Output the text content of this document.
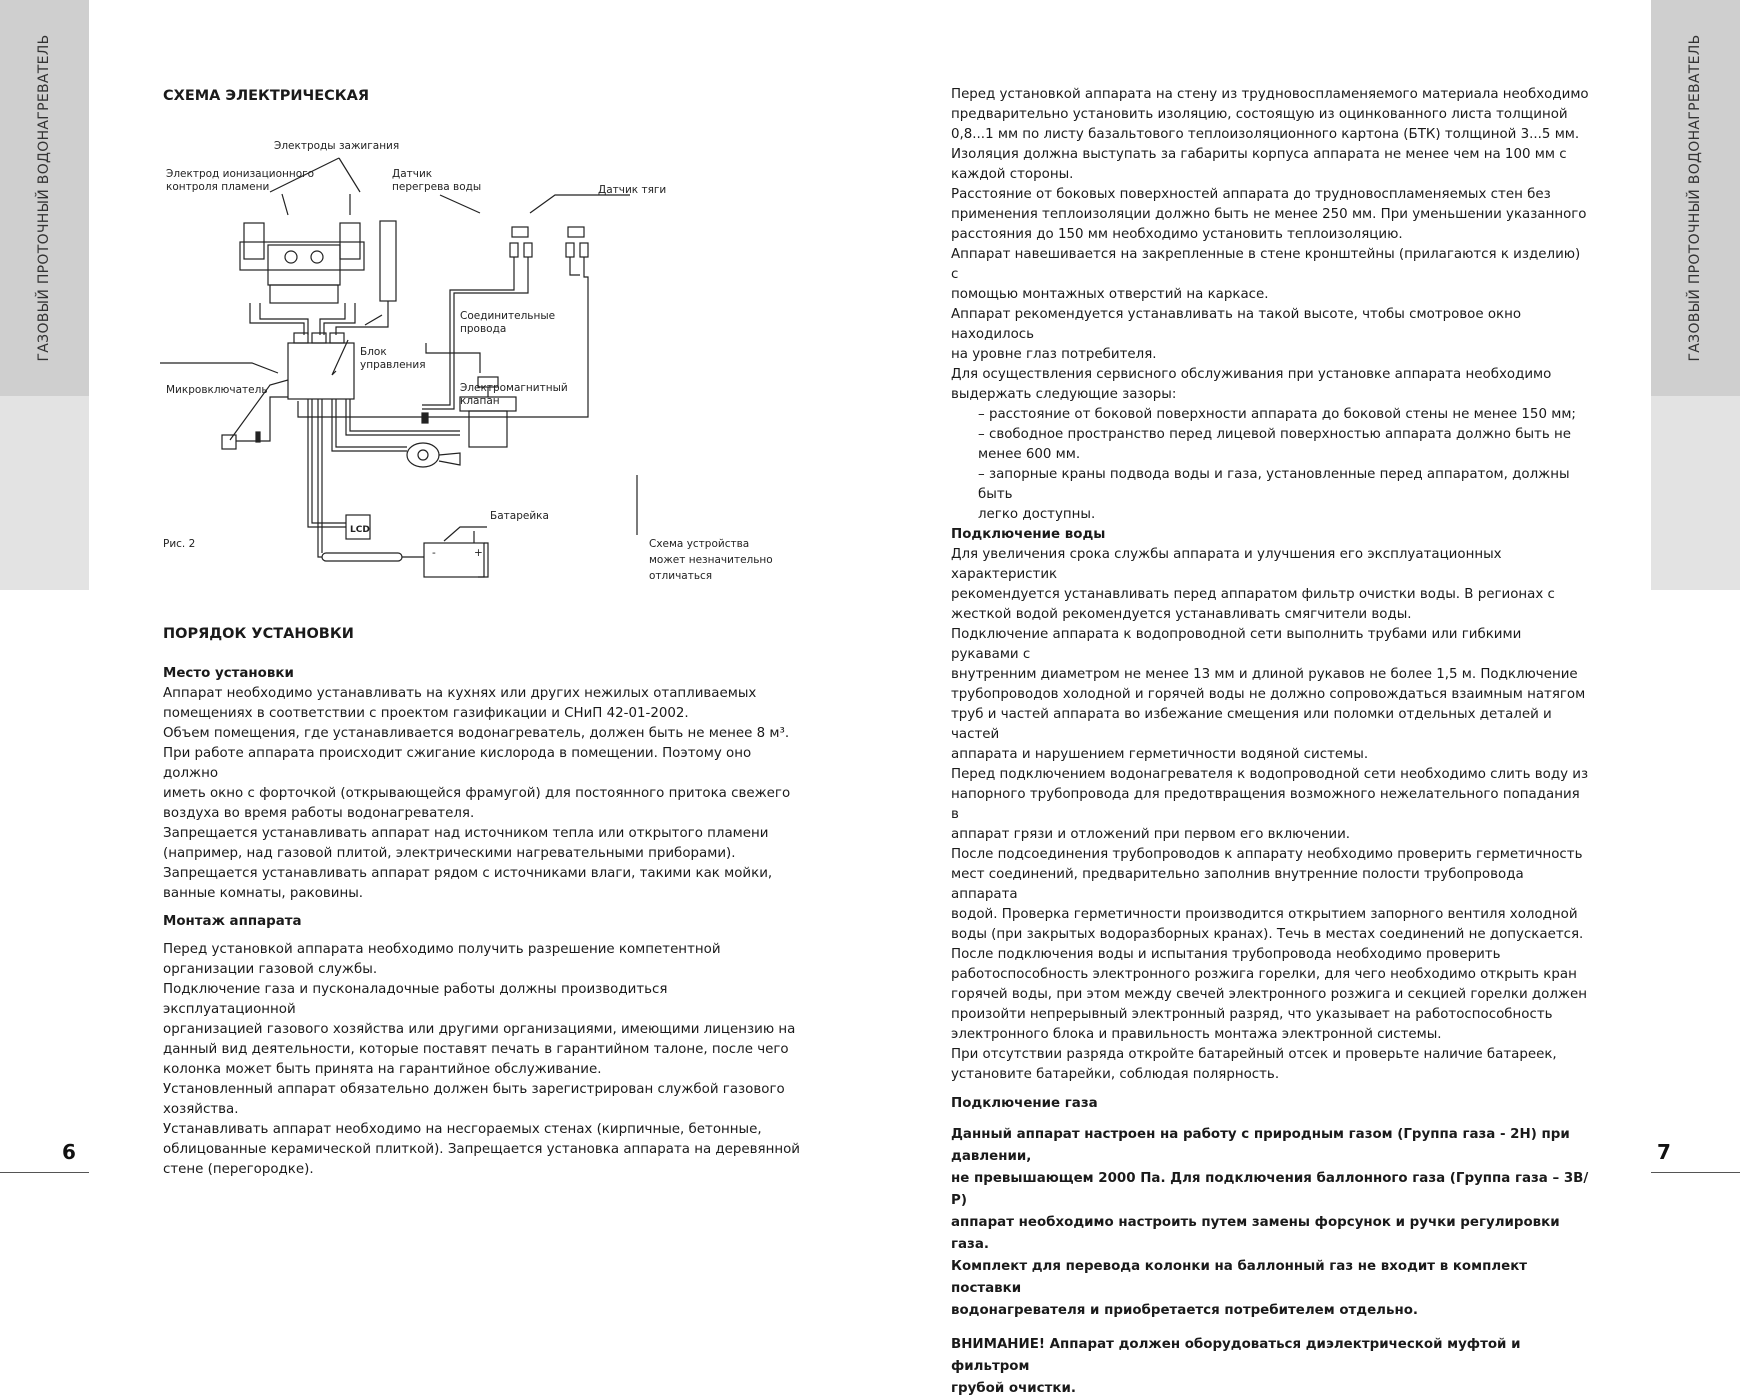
ГАЗОВЫЙ ПРОТОЧНЫЙ ВОДОНАГРЕВАТЕЛЬ	ГАЗОВЫЙ ПРОТОЧНЫЙ ВОДОНАГРЕВАТЕЛЬ
6	7

СХЕМА ЭЛЕКТРИЧЕСКАЯ

Электроды зажигания
Электрод ионизационного
контроля пламени
Датчик
перегрева воды	Датчик тяги
Соединительные
провода
Блок
управления
Микровключатель	Электромагнитный
клапан
LCD
Батарейка
-	+
Рис. 2	Схема устройства
может незначительно
отличаться

ПОРЯДОК УСТАНОВКИ

Место установки

Аппарат необходимо устанавливать на кухнях или других нежилых отапливаемых

помещениях в соответствии с проектом газификации и СНиП 42-01-2002.

Объем помещения, где устанавливается водонагреватель, должен быть не менее 8 м³.

При работе аппарата происходит сжигание кислорода в помещении. Поэтому оно должно

иметь окно с форточкой (открывающейся фрамугой) для постоянного притока свежего

воздуха во время работы водонагревателя.

Запрещается устанавливать аппарат над источником тепла или открытого пламени

(например, над газовой плитой, электрическими нагревательными приборами).

Запрещается устанавливать аппарат рядом с источниками влаги, такими как мойки,

ванные комнаты, раковины.

Монтаж аппарата

Перед установкой аппарата необходимо получить разрешение компетентной

организации газовой службы.

Подключение газа и пусконаладочные работы должны производиться эксплуатационной

организацией газового хозяйства или другими организациями, имеющими лицензию на

данный вид деятельности, которые поставят печать в гарантийном талоне, после чего

колонка может быть принята на гарантийное обслуживание.

Установленный аппарат обязательно должен быть зарегистрирован службой газового

хозяйства.

Устанавливать аппарат необходимо на несгораемых стенах (кирпичные, бетонные,

облицованные керамической плиткой). Запрещается установка аппарата на деревянной

стене (перегородке).

Перед установкой аппарата на стену из трудновоспламеняемого материала необходимо

предварительно установить изоляцию, состоящую из оцинкованного листа толщиной

0,8...1 мм по листу базальтового теплоизоляционного картона (БТК) толщиной 3...5 мм.

Изоляция должна выступать за габариты корпуса аппарата не менее чем на 100 мм с

каждой стороны.

Расстояние от боковых поверхностей аппарата до трудновоспламеняемых стен без

применения теплоизоляции должно быть не менее 250 мм. При уменьшении указанного

расстояния до 150 мм необходимо установить теплоизоляцию.

Аппарат навешивается на закрепленные в стене кронштейны (прилагаются к изделию) с

помощью монтажных отверстий на каркасе.

Аппарат рекомендуется устанавливать на такой высоте, чтобы смотровое окно находилось

на уровне глаз потребителя.

Для осуществления сервисного обслуживания при установке аппарата необходимо

выдержать следующие зазоры:

– расстояние от боковой поверхности аппарата до боковой стены не менее 150 мм;

– свободное пространство перед лицевой поверхностью аппарата должно быть не

менее 600 мм.

– запорные краны подвода воды и газа, установленные перед аппаратом, должны быть

легко доступны.

Подключение воды

Для увеличения срока службы аппарата и улучшения его эксплуатационных характеристик

рекомендуется устанавливать перед аппаратом фильтр очистки воды. В регионах с

жесткой водой рекомендуется устанавливать смягчители воды.

Подключение аппарата к водопроводной сети выполнить трубами или гибкими рукавами с

внутренним диаметром не менее 13 мм и длиной рукавов не более 1,5 м. Подключение

трубопроводов холодной и горячей воды не должно сопровождаться взаимным натягом

труб и частей аппарата во избежание смещения или поломки отдельных деталей и частей

аппарата и нарушением герметичности водяной системы.

Перед подключением водонагревателя к водопроводной сети необходимо слить воду из

напорного трубопровода для предотвращения возможного нежелательного попадания в

аппарат грязи и отложений при первом его включении.

После подсоединения трубопроводов к аппарату необходимо проверить герметичность

мест соединений, предварительно заполнив внутренние полости трубопровода аппарата

водой. Проверка герметичности производится открытием запорного вентиля холодной

воды (при закрытых водоразборных кранах). Течь в местах соединений не допускается.

После подключения воды и испытания трубопровода необходимо проверить

работоспособность электронного розжига горелки, для чего необходимо открыть кран

горячей воды, при этом между свечей электронного розжига и секцией горелки должен

произойти непрерывный электронный разряд, что указывает на работоспособность

электронного блока и правильность монтажа электронной системы.

При отсутствии разряда откройте батарейный отсек и проверьте наличие батареек,

установите батарейки, соблюдая полярность.

Подключение газа

Данный аппарат настроен на работу с природным газом (Группа газа - 2Н) при давлении,

не превышающем 2000 Па. Для подключения баллонного газа (Группа газа – 3В/Р)

аппарат необходимо настроить путем замены форсунок и ручки регулировки газа.

Комплект для перевода колонки на баллонный газ не входит в комплект поставки

водонагревателя и приобретается потребителем отдельно.

ВНИМАНИЕ! Аппарат должен оборудоваться диэлектрической муфтой и фильтром

грубой очистки.
